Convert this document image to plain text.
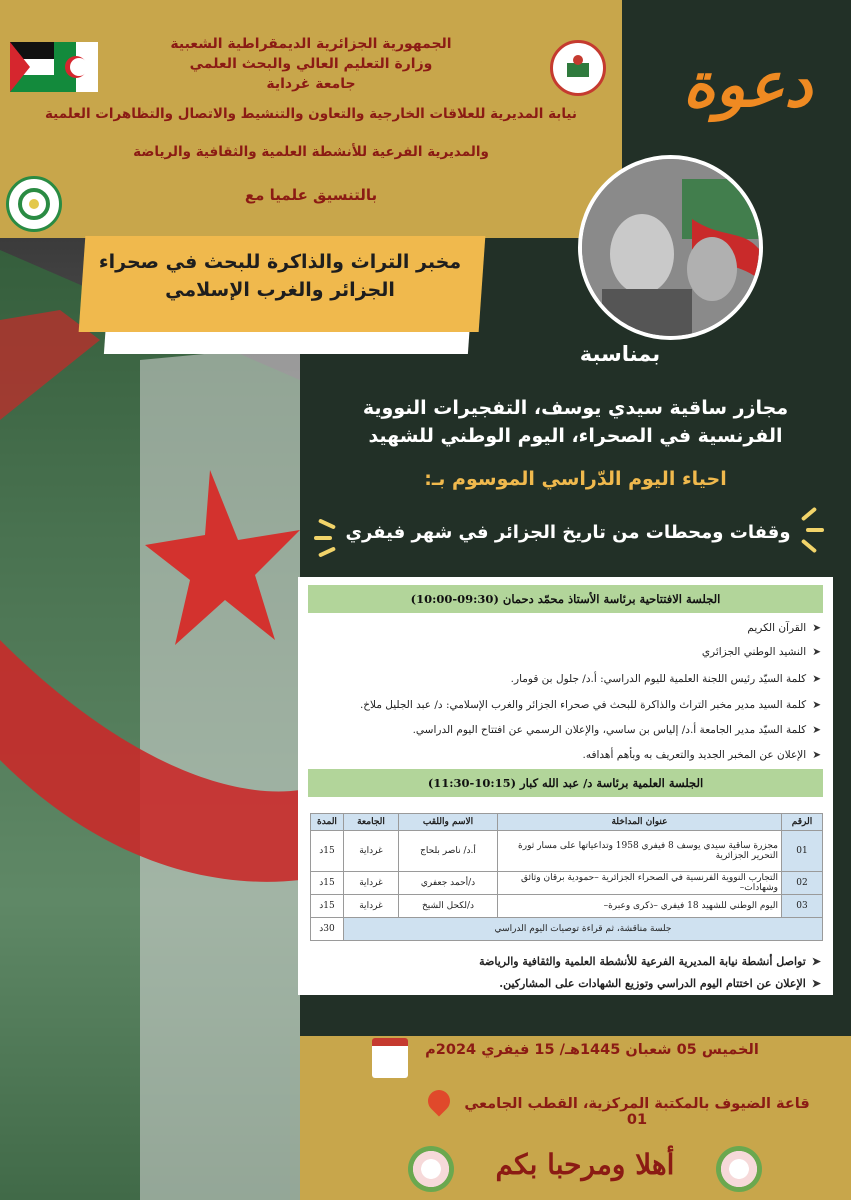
الجمهورية الجزائرية الديمقراطية الشعبية
وزارة التعليم العالي والبحث العلمي
جامعة غرداية
نيابة المديرية للعلاقات الخارجية والتعاون والتنشيط والاتصال والتظاهرات العلمية
والمديرية الفرعية للأنشطة العلمية والثقافية والرياضة
بالتنسيق علميا مع
مخبر التراث والذاكرة للبحث في صحراء
الجزائر والغرب الإسلامي
دعوة
بمناسبة
مجازر ساقية سيدي يوسف، التفجيرات النووية
الفرنسية في الصحراء، اليوم الوطني للشهيد
احياء اليوم الدّراسي الموسوم بـ:
وقفات ومحطات من تاريخ الجزائر في شهر فيفري
الجلسة الافتتاحية برئاسة الأستاذ محمّد دحمان (09:30-10:00)
➤القرآن الكريم
➤النشيد الوطني الجزائري
➤كلمة السيّد رئيس اللجنة العلمية لليوم الدراسي: أ.د/ جلول بن قومار.
➤كلمة السيد مدير مخبر التراث والذاكرة للبحث في صحراء الجزائر والغرب الإسلامي: د/ عبد الجليل ملاخ.
➤كلمة السيّد مدير الجامعة أ.د/ إلياس بن ساسي، والإعلان الرسمي عن افتتاح اليوم الدراسي.
➤الإعلان عن المخبر الجديد والتعريف به وبأهم أهدافه.
الجلسة العلمية برئاسة د/ عبد الله كبار (10:15-11:30)
الرقم	عنوان المداخلة	الاسم واللقب	الجامعة	المدة
01	مجزرة ساقية سيدي يوسف 8 فيفري 1958 وتداعياتها على مسار ثورة التحرير الجزائرية	أ.د/ ناصر بلحاج	غرداية	15د
02	التجارب النووية الفرنسية في الصحراء الجزائرية –حمودية برقان وثائق وشهادات–	د/أحمد جعفري	غرداية	15د
03	اليوم الوطني للشهيد 18 فيفري –ذكرى وعبرة–	د/لكحل الشيخ	غرداية	15د
جلسة مناقشة، ثم قراءة توصيات اليوم الدراسي				30د
➤تواصل أنشطة نيابة المديرية الفرعية للأنشطة العلمية والثقافية والرياضة
➤الإعلان عن اختتام اليوم الدراسي وتوزيع الشهادات على المشاركين.
الخميس 05 شعبان 1445هـ/ 15 فيفري 2024م
قاعة الضيوف بالمكتبة المركزية، القطب الجامعي 01
أهلا ومرحبا بكم
